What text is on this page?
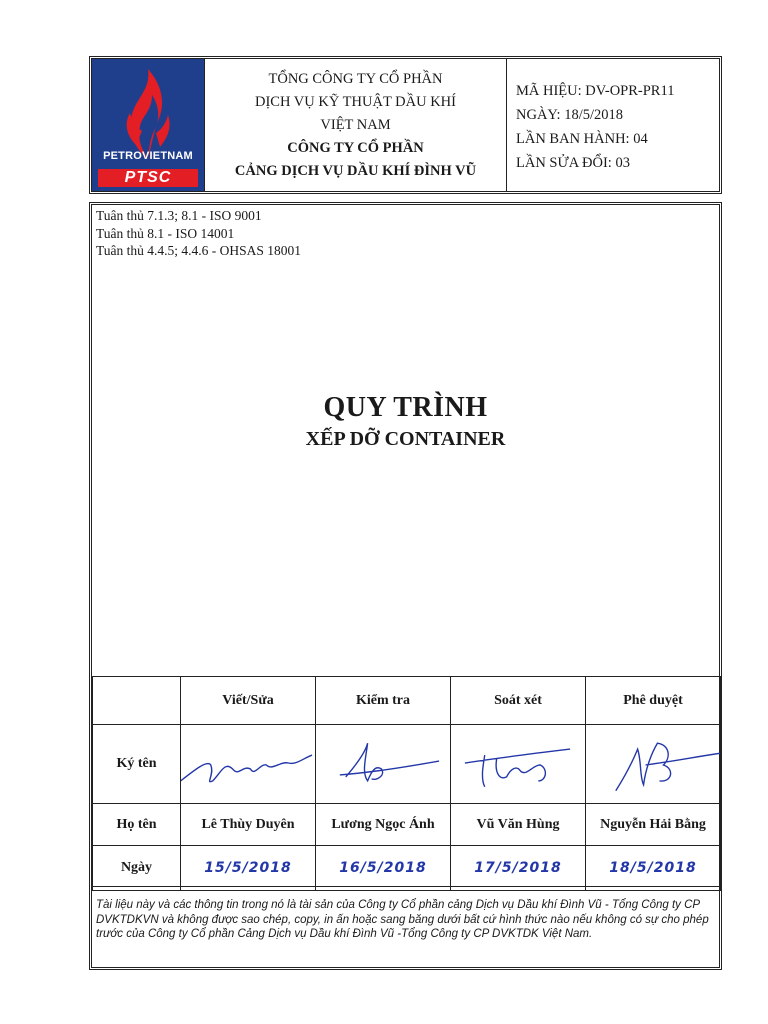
PETROVIETNAM
PTSC
TỔNG CÔNG TY CỔ PHẦN
DỊCH VỤ KỸ THUẬT DẦU KHÍ
VIỆT NAM
CÔNG TY CỔ PHẦN
CẢNG DỊCH VỤ DẦU KHÍ ĐÌNH VŨ
MÃ HIỆU: DV-OPR-PR11
NGÀY: 18/5/2018
LẦN BAN HÀNH: 04
LẦN SỬA ĐỔI: 03
Tuân thủ 7.1.3; 8.1 - ISO 9001
Tuân thủ 8.1 - ISO 14001
Tuân thủ 4.4.5; 4.4.6 - OHSAS 18001
QUY TRÌNH
XẾP DỠ CONTAINER
	Viết/Sửa	Kiểm tra	Soát xét	Phê duyệt
Ký tên	

Họ tên	Lê Thùy Duyên	Lương Ngọc Ánh	Vũ Văn Hùng	Nguyễn Hải Bằng
Ngày	15/5/2018	16/5/2018	17/5/2018	18/5/2018
Tài liệu này và các thông tin trong nó là tài sản của Công ty Cổ phần cảng Dịch vụ Dầu khí Đình Vũ - Tổng Công ty CP DVKTDKVN và không được sao chép, copy, in ấn hoặc sang băng dưới bất cứ hình thức nào nếu không có sự cho phép trước của Công ty Cổ phần Cảng Dịch vụ Dầu khí Đình Vũ -Tổng Công ty CP DVKTDK Việt Nam.
